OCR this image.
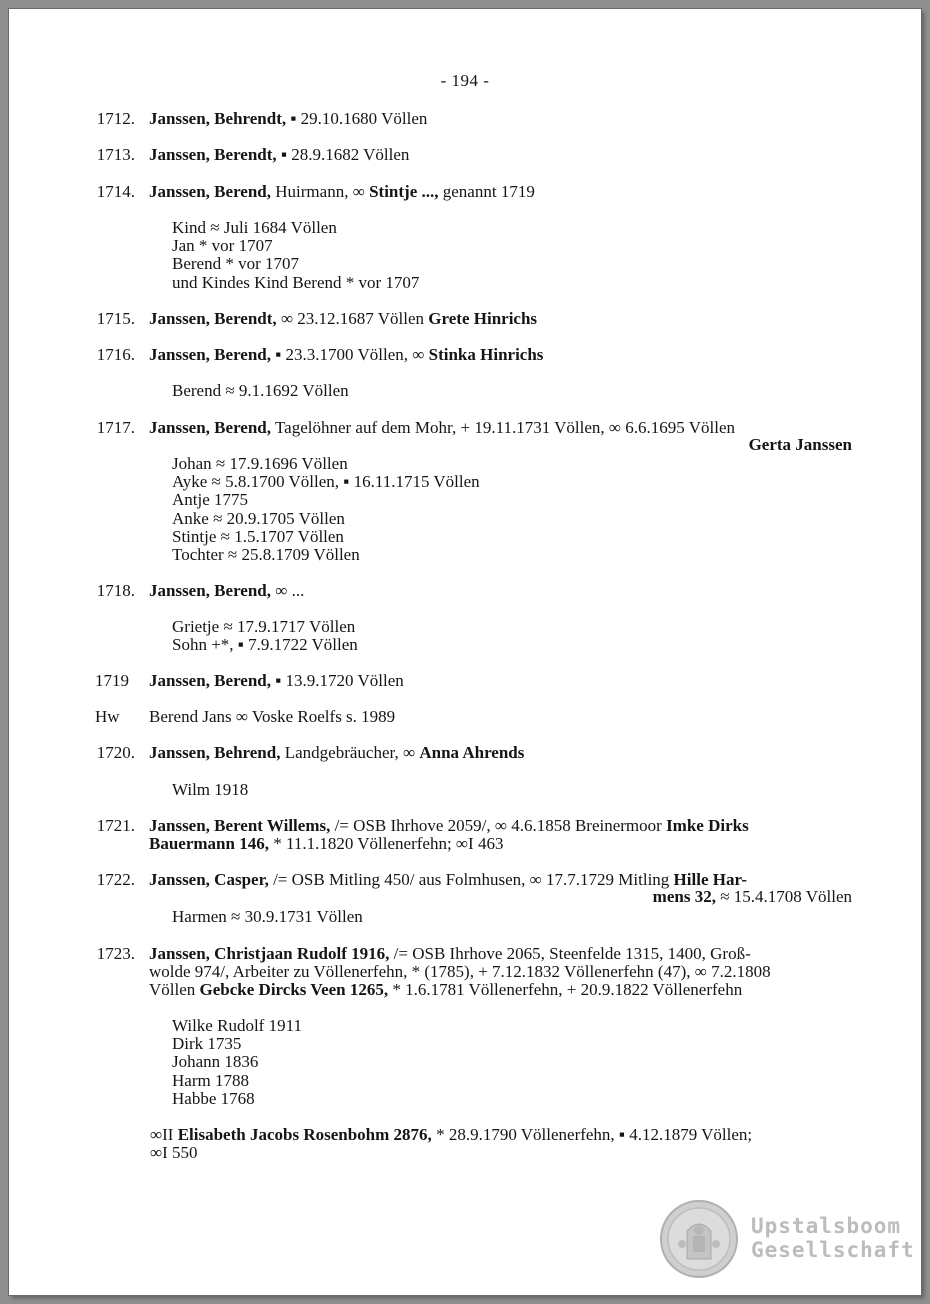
- 194 -
1712. Janssen, Behrendt, ▪ 29.10.1680 Völlen
1713. Janssen, Berendt, ▪ 28.9.1682 Völlen
1714. Janssen, Berend, Huirmann, ∞ Stintje ..., genannt 1719
Kind ≈ Juli 1684 Völlen
Jan * vor 1707
Berend * vor 1707
und Kindes Kind Berend * vor 1707
1715. Janssen, Berendt, ∞ 23.12.1687 Völlen Grete Hinrichs
1716. Janssen, Berend, ▪ 23.3.1700 Völlen, ∞ Stinka Hinrichs
Berend ≈ 9.1.1692 Völlen
1717. Janssen, Berend, Tagelöhner auf dem Mohr, + 19.11.1731 Völlen, ∞ 6.6.1695 Völlen
Gerta Janssen
Johan ≈ 17.9.1696 Völlen
Ayke ≈ 5.8.1700 Völlen, ▪ 16.11.1715 Völlen
Antje 1775
Anke ≈ 20.9.1705 Völlen
Stintje ≈ 1.5.1707 Völlen
Tochter ≈ 25.8.1709 Völlen
1718. Janssen, Berend, ∞ ...
Grietje ≈ 17.9.1717 Völlen
Sohn +*, ▪ 7.9.1722 Völlen
1719	Janssen, Berend, ▪ 13.9.1720 Völlen
Hw	Berend Jans ∞ Voske Roelfs s. 1989
1720. Janssen, Behrend, Landgebräucher, ∞ Anna Ahrends
Wilm 1918
1721. Janssen, Berent Willems, /= OSB Ihrhove 2059/, ∞ 4.6.1858 Breinermoor Imke Dirks
Bauermann 146, * 11.1.1820 Völlenerfehn; ∞I 463
1722. Janssen, Casper, /= OSB Mitling 450/ aus Folmhusen, ∞ 17.7.1729 Mitling Hille Har-
mens 32, ≈ 15.4.1708 Völlen
Harmen ≈ 30.9.1731 Völlen
1723. Janssen, Christjaan Rudolf 1916, /= OSB Ihrhove 2065, Steenfelde 1315, 1400, Groß-
wolde 974/, Arbeiter zu Völlenerfehn, * (1785), + 7.12.1832 Völlenerfehn (47), ∞ 7.2.1808
Völlen Gebcke Dircks Veen 1265, * 1.6.1781 Völlenerfehn, + 20.9.1822 Völlenerfehn
Wilke Rudolf 1911
Dirk 1735
Johann 1836
Harm 1788
Habbe 1768
∞II Elisabeth Jacobs Rosenbohm 2876, * 28.9.1790 Völlenerfehn, ▪ 4.12.1879 Völlen;
∞I 550
Upstalsboom
Gesellschaft
